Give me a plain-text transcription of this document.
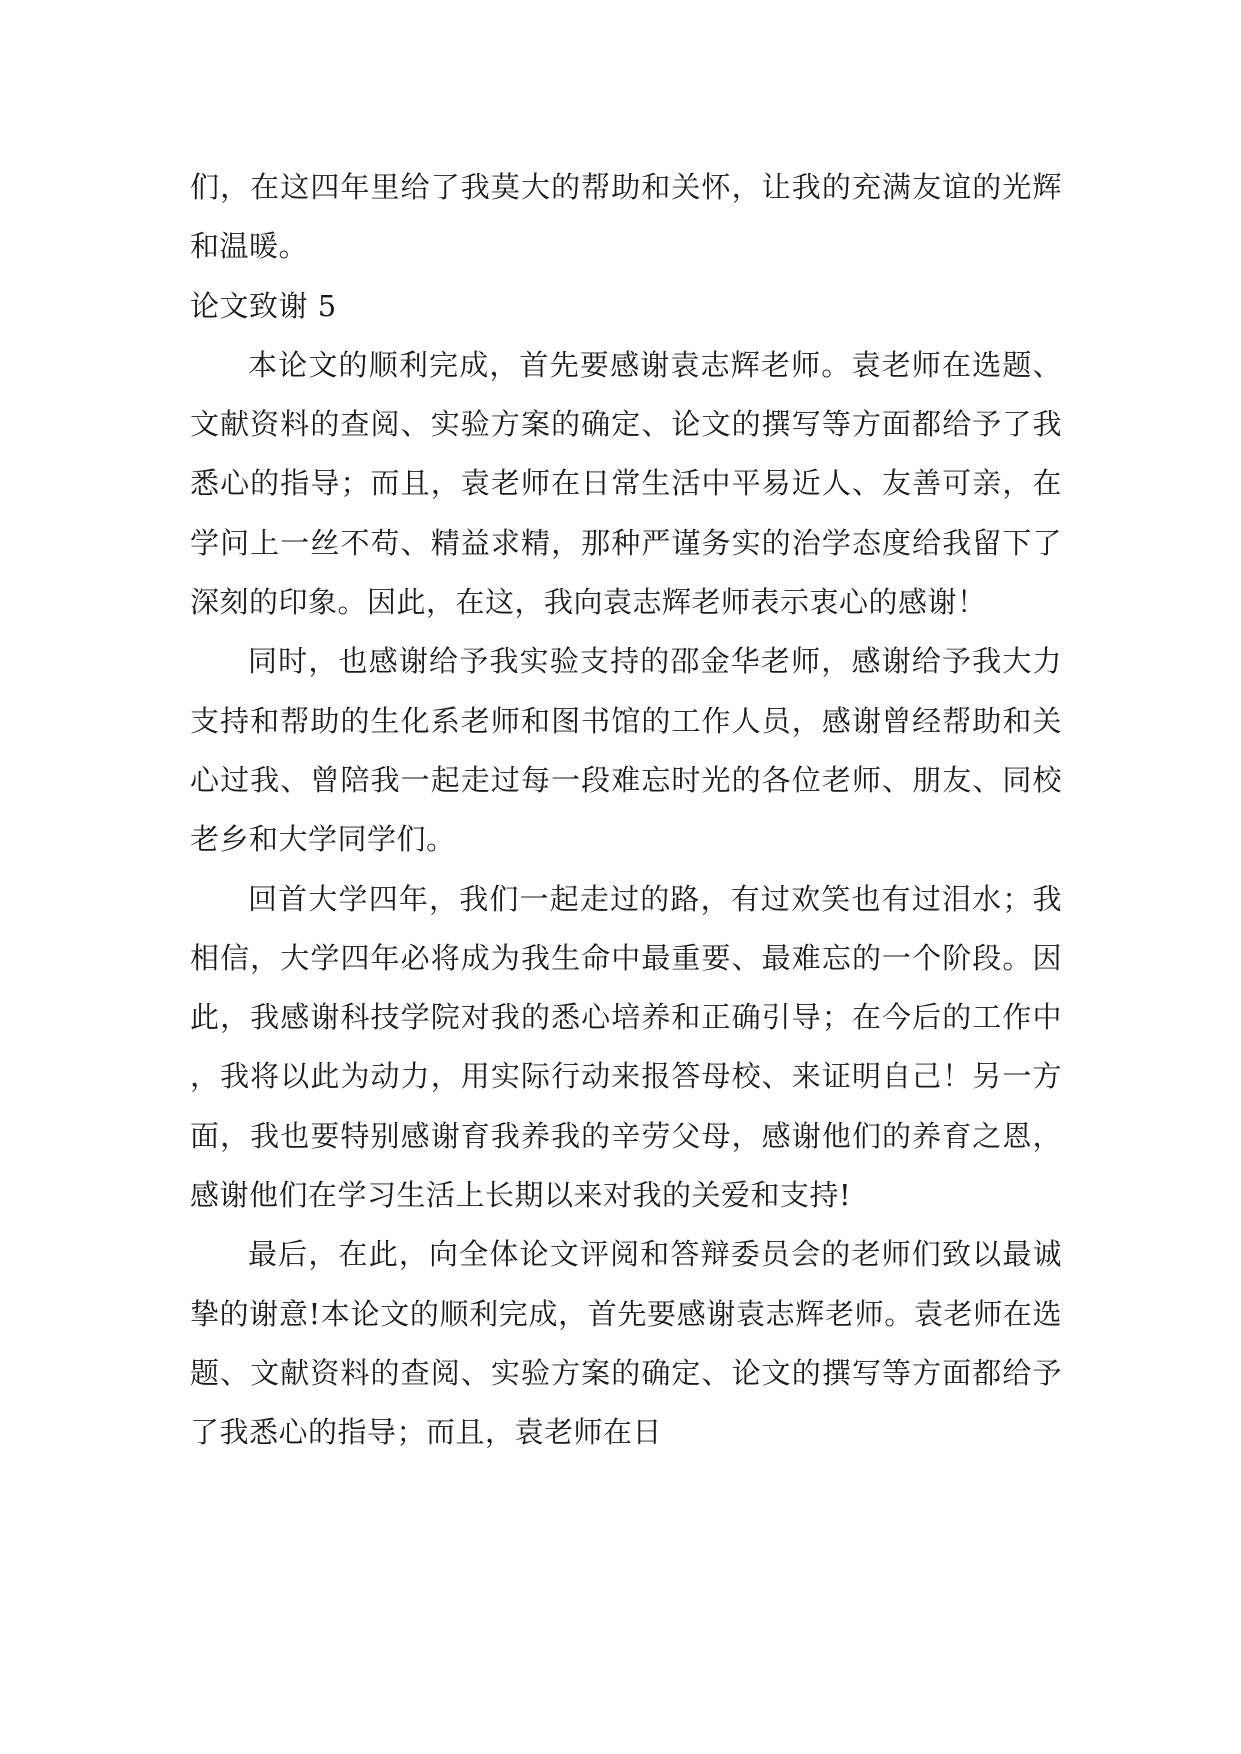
们，在这四年里给了我莫大的帮助和关怀，让我的充满友谊的光辉和温暖。

论文致谢 5

本论文的顺利完成，首先要感谢袁志辉老师。袁老师在选题、文献资料的查阅、实验方案的确定、论文的撰写等方面都给予了我悉心的指导；而且，袁老师在日常生活中平易近人、友善可亲，在学问上一丝不苟、精益求精，那种严谨务实的治学态度给我留下了深刻的印象。因此，在这，我向袁志辉老师表示衷心的感谢！

同时，也感谢给予我实验支持的邵金华老师，感谢给予我大力支持和帮助的生化系老师和图书馆的工作人员，感谢曾经帮助和关心过我、曾陪我一起走过每一段难忘时光的各位老师、朋友、同校老乡和大学同学们。

回首大学四年，我们一起走过的路，有过欢笑也有过泪水；我相信，大学四年必将成为我生命中最重要、最难忘的一个阶段。因此，我感谢科技学院对我的悉心培养和正确引导；在今后的工作中，我将以此为动力，用实际行动来报答母校、来证明自己！另一方面，我也要特别感谢育我养我的辛劳父母，感谢他们的养育之恩，感谢他们在学习生活上长期以来对我的关爱和支持!

最后，在此，向全体论文评阅和答辩委员会的老师们致以最诚挚的谢意!本论文的顺利完成，首先要感谢袁志辉老师。袁老师在选题、文献资料的查阅、实验方案的确定、论文的撰写等方面都给予了我悉心的指导；而且，袁老师在日
